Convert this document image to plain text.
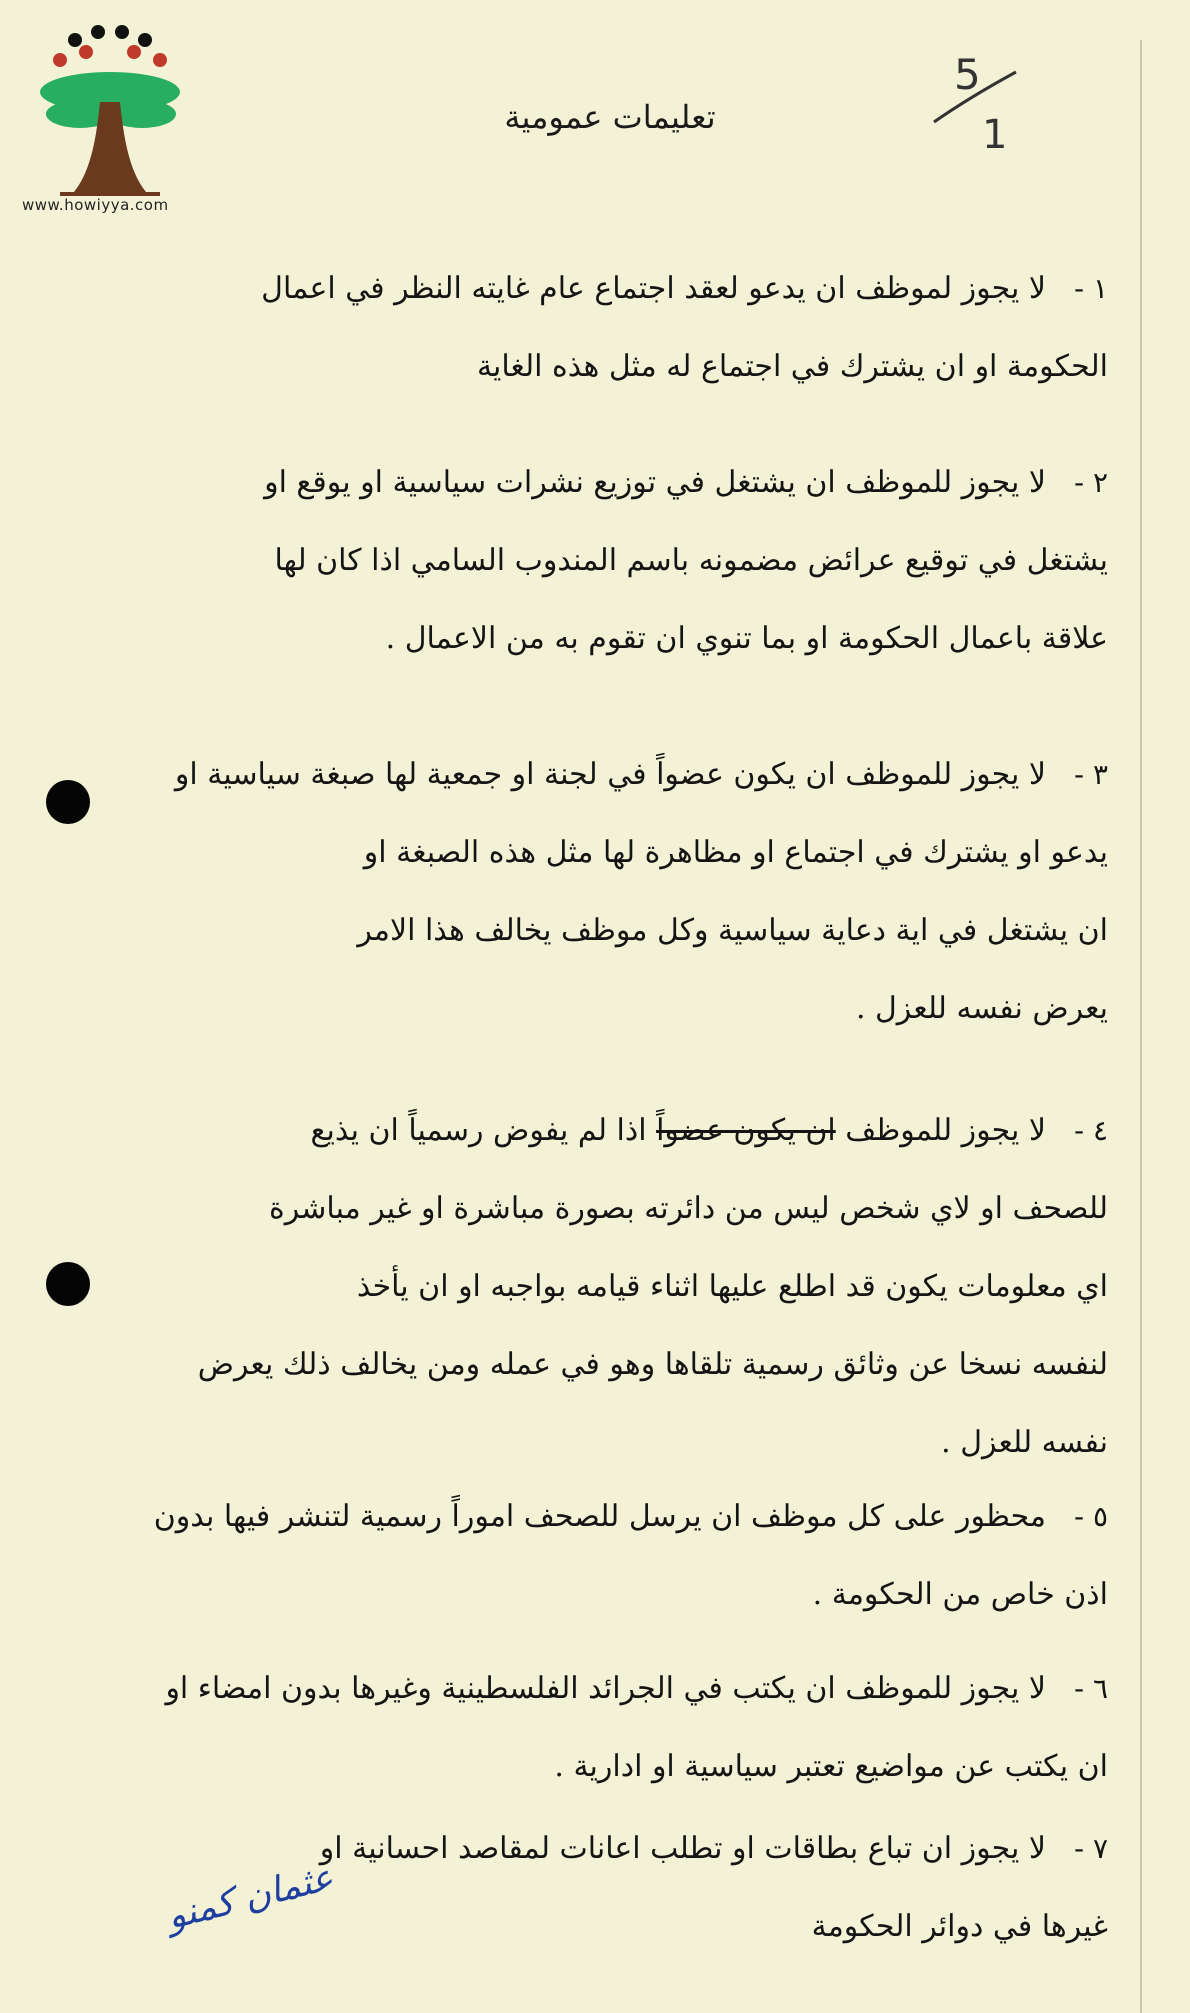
www.howiyya.com
5
1
تعليمات عمومية
١ -لا يجوز لموظف ان يدعو لعقد اجتماع عام غايته النظر في اعمال
الحكومة او ان يشترك في اجتماع له مثل هذه الغاية
٢ -لا يجوز للموظف ان يشتغل في توزيع نشرات سياسية او يوقع او
يشتغل في توقيع عرائض مضمونه باسم المندوب السامي اذا كان لها
علاقة باعمال الحكومة او بما تنوي ان تقوم به من الاعمال .
٣ -لا يجوز للموظف ان يكون عضواً في لجنة او جمعية لها صبغة سياسية او
يدعو او يشترك في اجتماع او مظاهرة لها مثل هذه الصبغة او
ان يشتغل في اية دعاية سياسية وكل موظف يخالف هذا الامر
يعرض نفسه للعزل .
٤ -لا يجوز للموظف ان يكون عضواً اذا لم يفوض رسمياً ان يذيع
للصحف او لاي شخص ليس من دائرته بصورة مباشرة او غير مباشرة
اي معلومات يكون قد اطلع عليها اثناء قيامه بواجبه او ان يأخذ
لنفسه نسخا عن وثائق رسمية تلقاها وهو في عمله ومن يخالف ذلك يعرض
نفسه للعزل .
٥ -محظور على كل موظف ان يرسل للصحف اموراً رسمية لتنشر فيها بدون
اذن خاص من الحكومة .
٦ -لا يجوز للموظف ان يكتب في الجرائد الفلسطينية وغيرها بدون امضاء او
ان يكتب عن مواضيع تعتبر سياسية او ادارية .
٧ -لا يجوز ان تباع بطاقات او تطلب اعانات لمقاصد احسانية او
غيرها في دوائر الحكومة
عثمان كمنو
